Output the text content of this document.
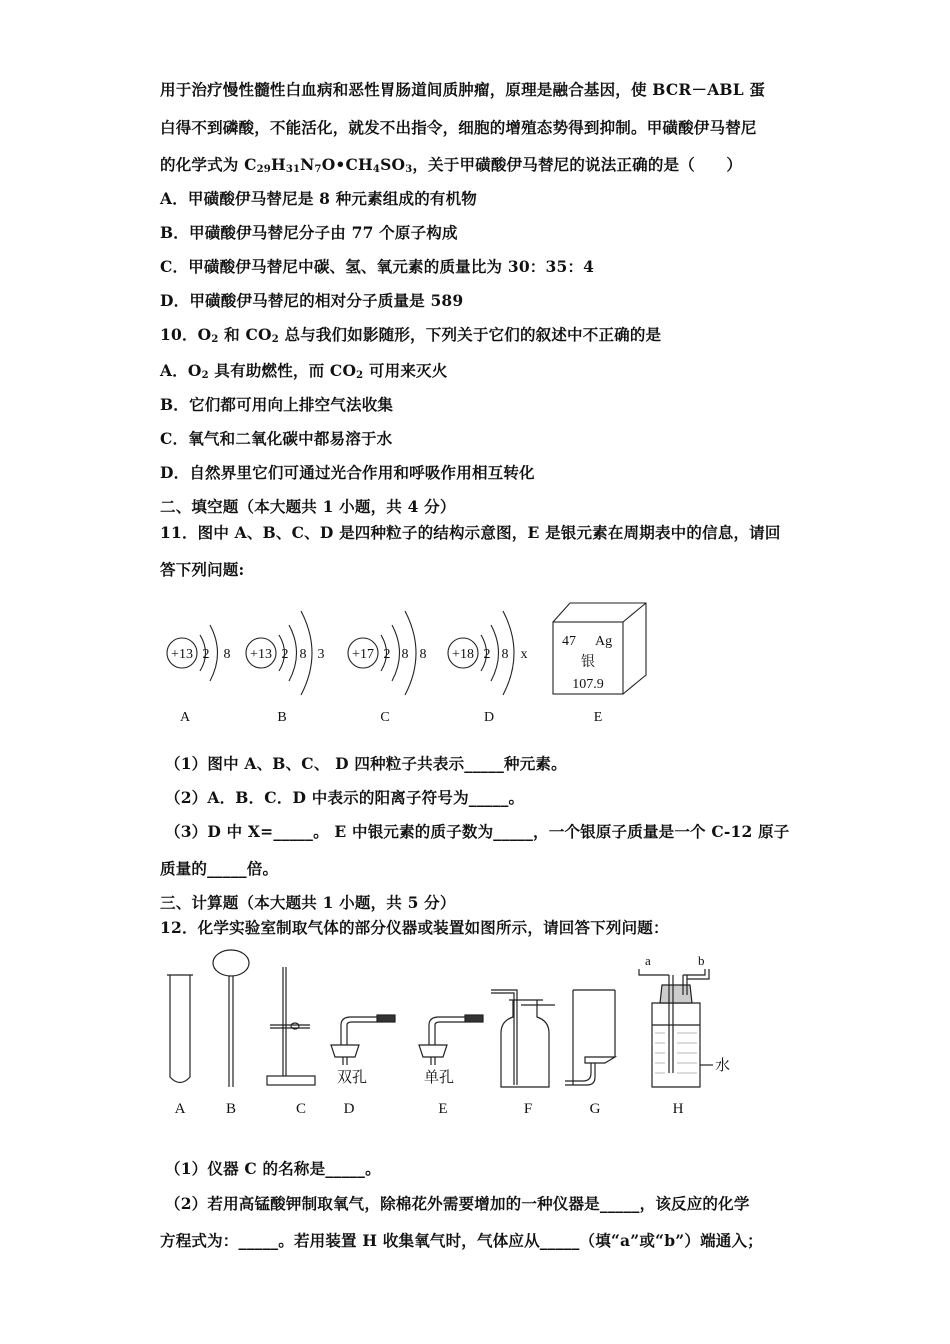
用于治疗慢性髓性白血病和恶性胃肠道间质肿瘤，原理是融合基因，使 BCR－ABL 蛋
白得不到磷酸，不能活化，就发不出指令，细胞的增殖态势得到抑制。甲磺酸伊马替尼
的化学式为 $C_{29}H_{31}N_7O•CH_4SO_3$，关于甲磺酸伊马替尼的说法正确的是（　　）
A．甲磺酸伊马替尼是 8 种元素组成的有机物
B．甲磺酸伊马替尼分子由 77 个原子构成
C．甲磺酸伊马替尼中碳、氢、氧元素的质量比为 30：35：4
D．甲磺酸伊马替尼的相对分子质量是 589
10．$O_2$ 和 $CO_2$ 总与我们如影随形，下列关于它们的叙述中不正确的是
A．$O_2$ 具有助燃性，而 $CO_2$ 可用来灭火
B．它们都可用向上排空气法收集
C．氧气和二氧化碳中都易溶于水
D．自然界里它们可通过光合作用和呼吸作用相互转化
二、填空题（本大题共 1 小题，共 4 分）
11．图中 A、B、C、D 是四种粒子的结构示意图，E 是银元素在周期表中的信息，请回
答下列问题:
+13 2 8 +13 2 8 3 +17 2 8 8 +18 2 8 x
47 Ag
银
107.9
A	B	C	D	E
（1）图中 A、B、C、 D 四种粒子共表示_____种元素。
（2）A．B．C．D 中表示的阳离子符号为_____。
（3）D 中 X=_____。 E 中银元素的质子数为_____，一个银原子质量是一个 C-12 原子
质量的_____倍。
三、计算题（本大题共 1 小题，共 5 分）
12．化学实验室制取气体的部分仪器或装置如图所示，请回答下列问题：
双孔	单孔
a	b
水
A	B	C	D	E	F	G	H
（1）仪器 C 的名称是_____。
（2）若用高锰酸钾制取氧气，除棉花外需要增加的一种仪器是_____，该反应的化学
方程式为：_____。若用装置 H 收集氧气时，气体应从_____（填“a”或“b”）端通入；
